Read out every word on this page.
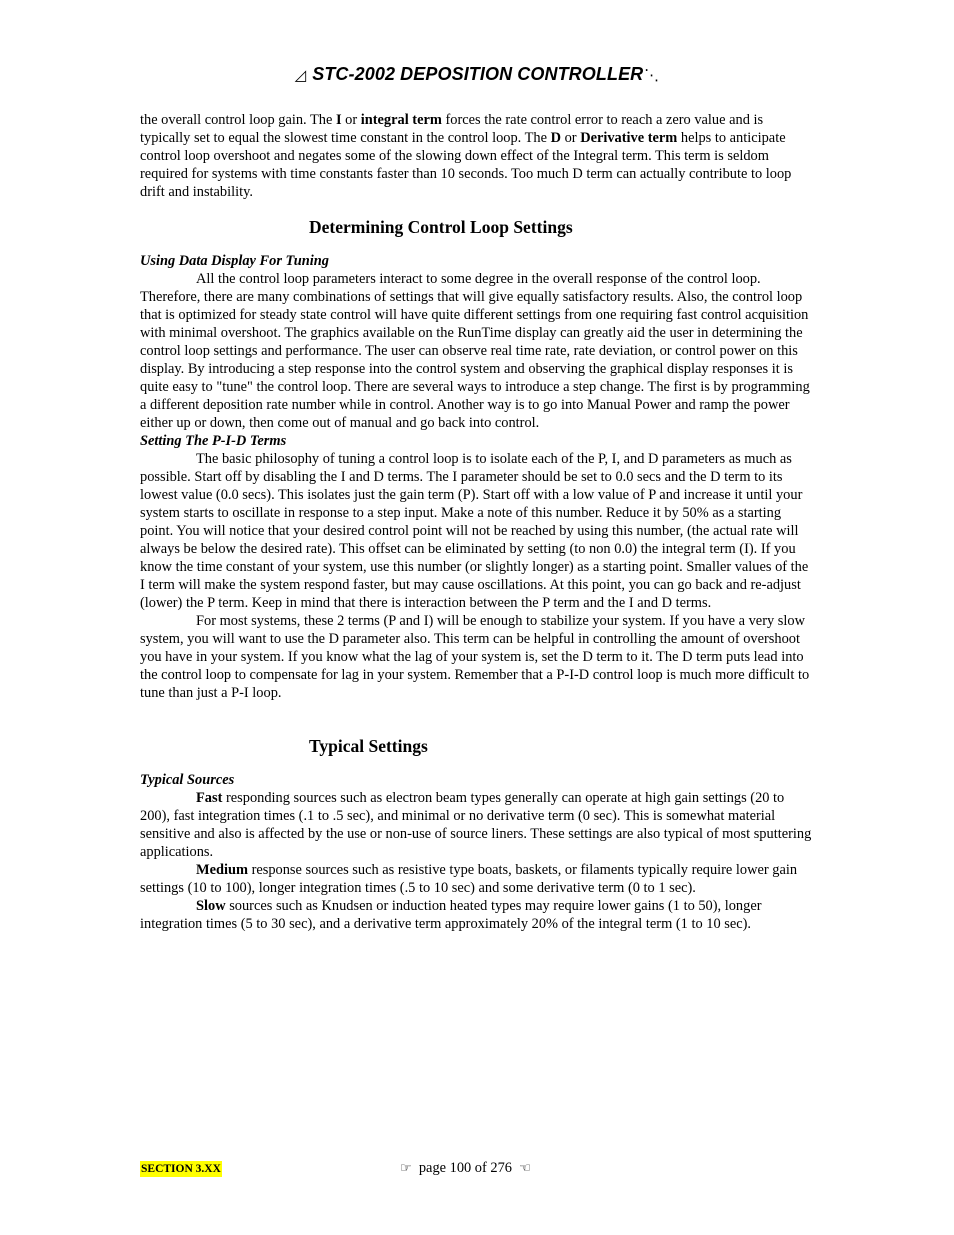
◿ STC-2002 DEPOSITION CONTROLLER⋱

the overall control loop gain. The I or integral term forces the rate control error to reach a zero value and is typically set to equal the slowest time constant in the control loop. The D or Derivative term helps to anticipate control loop overshoot and negates some of the slowing down effect of the Integral term. This term is seldom required for systems with time constants faster than 10 seconds. Too much D term can actually contribute to loop drift and instability.

Determining Control Loop Settings

Using Data Display For Tuning

All the control loop parameters interact to some degree in the overall response of the control loop. Therefore, there are many combinations of settings that will give equally satisfactory results. Also, the control loop that is optimized for steady state control will have quite different settings from one requiring fast control acquisition with minimal overshoot. The graphics available on the RunTime display can greatly aid the user in determining the control loop settings and performance. The user can observe real time rate, rate deviation, or control power on this display. By introducing a step response into the control system and observing the graphical display responses it is quite easy to "tune" the control loop. There are several ways to introduce a step change. The first is by programming a different deposition rate number while in control. Another way is to go into Manual Power and ramp the power either up or down, then come out of manual and go back into control.

Setting The P-I-D Terms

The basic philosophy of tuning a control loop is to isolate each of the P, I, and D parameters as much as possible. Start off by disabling the I and D terms. The I parameter should be set to 0.0 secs and the D term to its lowest value (0.0 secs). This isolates just the gain term (P). Start off with a low value of P and increase it until your system starts to oscillate in response to a step input. Make a note of this number. Reduce it by 50% as a starting point. You will notice that your desired control point will not be reached by using this number, (the actual rate will always be below the desired rate). This offset can be eliminated by setting (to non 0.0) the integral term (I). If you know the time constant of your system, use this number (or slightly longer) as a starting point. Smaller values of the I term will make the system respond faster, but may cause oscillations. At this point, you can go back and re-adjust (lower) the P term. Keep in mind that there is interaction between the P term and the I and D terms.

For most systems, these 2 terms (P and I) will be enough to stabilize your system. If you have a very slow system, you will want to use the D parameter also. This term can be helpful in controlling the amount of overshoot you have in your system. If you know what the lag of your system is, set the D term to it. The D term puts lead into the control loop to compensate for lag in your system. Remember that a P-I-D control loop is much more difficult to tune than just a P-I loop.

Typical Settings

Typical Sources

Fast responding sources such as electron beam types generally can operate at high gain settings (20 to 200), fast integration times (.1 to .5 sec), and minimal or no derivative term (0 sec). This is somewhat material sensitive and also is affected by the use or non-use of source liners. These settings are also typical of most sputtering applications.

Medium response sources such as resistive type boats, baskets, or filaments typically require lower gain settings (10 to 100), longer integration times (.5 to 10 sec) and some derivative term (0 to 1 sec).

Slow sources such as Knudsen or induction heated types may require lower gains (1 to 50), longer integration times (5 to 30 sec), and a derivative term approximately 20% of the integral term (1 to 10 sec).

SECTION 3.XX	☞ page 100 of 276 ☜
